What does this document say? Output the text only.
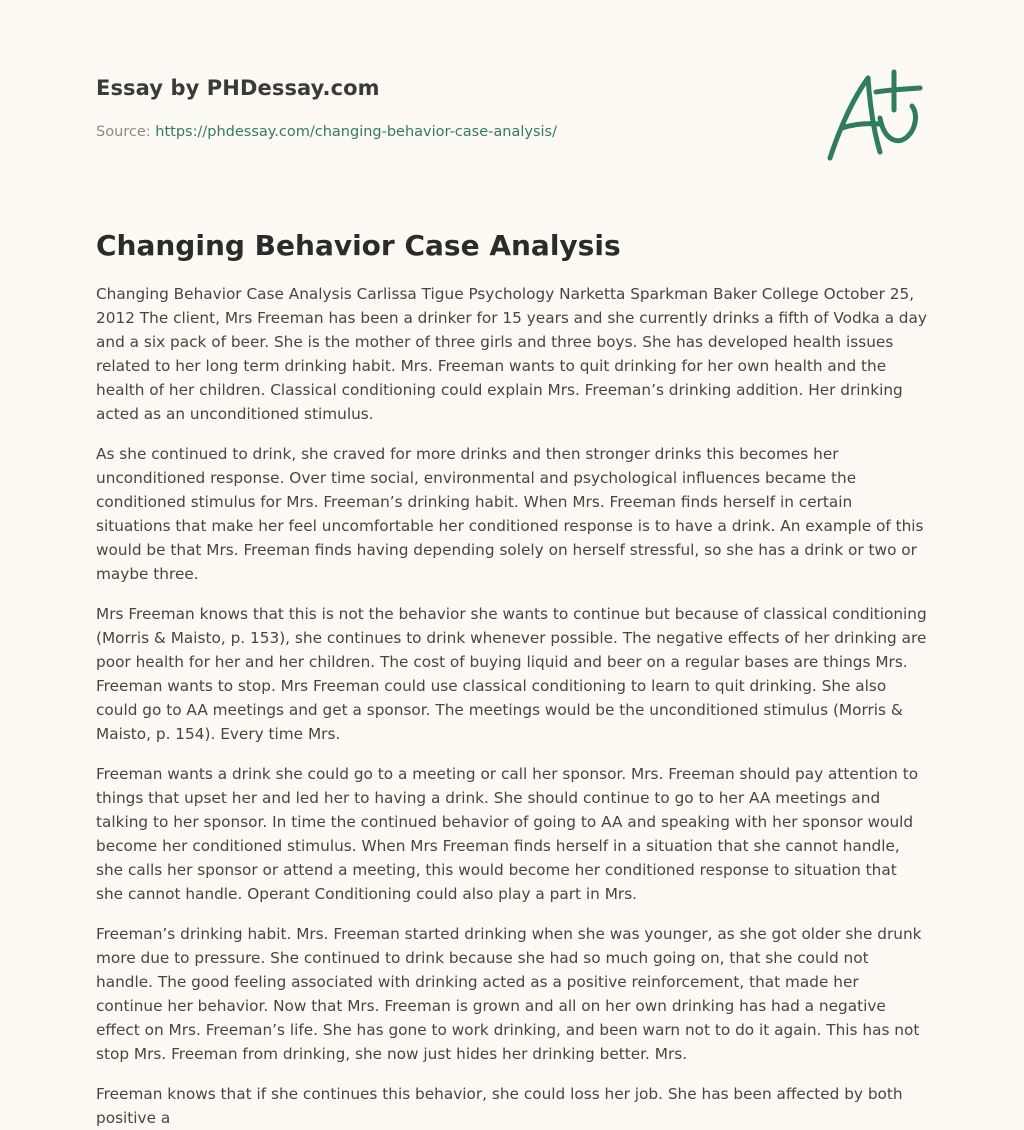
Essay by PHDessay.com
Source: https://phdessay.com/changing-behavior-case-analysis/
Changing Behavior Case Analysis

Changing Behavior Case Analysis Carlissa Tigue Psychology Narketta Sparkman Baker College October 25, 2012 The client, Mrs Freeman has been a drinker for 15 years and she currently drinks a fifth of Vodka a day and a six pack of beer. She is the mother of three girls and three boys. She has developed health issues related to her long term drinking habit. Mrs. Freeman wants to quit drinking for her own health and the health of her children. Classical conditioning could explain Mrs. Freeman’s drinking addition. Her drinking acted as an unconditioned stimulus.

As she continued to drink, she craved for more drinks and then stronger drinks this becomes her unconditioned response. Over time social, environmental and psychological influences became the conditioned stimulus for Mrs. Freeman’s drinking habit. When Mrs. Freeman finds herself in certain situations that make her feel uncomfortable her conditioned response is to have a drink. An example of this would be that Mrs. Freeman finds having depending solely on herself stressful, so she has a drink or two or maybe three.

Mrs Freeman knows that this is not the behavior she wants to continue but because of classical conditioning (Morris & Maisto, p. 153), she continues to drink whenever possible. The negative effects of her drinking are poor health for her and her children. The cost of buying liquid and beer on a regular bases are things Mrs. Freeman wants to stop. Mrs Freeman could use classical conditioning to learn to quit drinking. She also could go to AA meetings and get a sponsor. The meetings would be the unconditioned stimulus (Morris & Maisto, p. 154). Every time Mrs.

Freeman wants a drink she could go to a meeting or call her sponsor. Mrs. Freeman should pay attention to things that upset her and led her to having a drink. She should continue to go to her AA meetings and talking to her sponsor. In time the continued behavior of going to AA and speaking with her sponsor would become her conditioned stimulus. When Mrs Freeman finds herself in a situation that she cannot handle, she calls her sponsor or attend a meeting, this would become her conditioned response to situation that she cannot handle. Operant Conditioning could also play a part in Mrs.

Freeman’s drinking habit. Mrs. Freeman started drinking when she was younger, as she got older she drunk more due to pressure. She continued to drink because she had so much going on, that she could not handle. The good feeling associated with drinking acted as a positive reinforcement, that made her continue her behavior. Now that Mrs. Freeman is grown and all on her own drinking has had a negative effect on Mrs. Freeman’s life. She has gone to work drinking, and been warn not to do it again. This has not stop Mrs. Freeman from drinking, she now just hides her drinking better. Mrs.

Freeman knows that if she continues this behavior, she could loss her job. She has been affected by both positive a
